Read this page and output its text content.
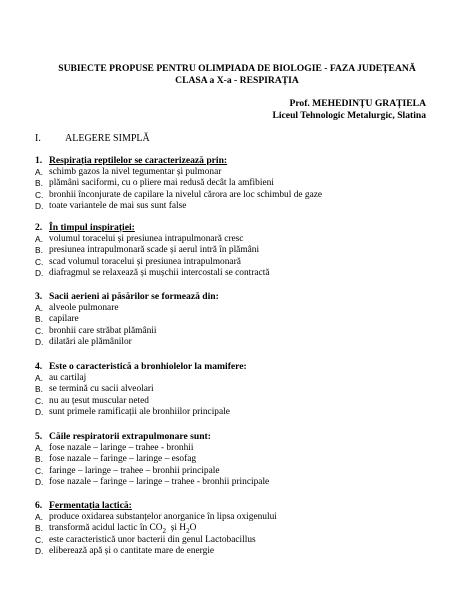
SUBIECTE PROPUSE PENTRU OLIMPIADA DE BIOLOGIE - FAZA JUDEȚEANĂ
CLASA a X-a - RESPIRAȚIA
Prof. MEHEDINȚU GRAȚIELA
Liceul Tehnologic Metalurgic, Slatina
I. ALEGERE SIMPLĂ
1. Respirația reptilelor se caracterizează prin:
A. schimb gazos la nivel tegumentar și pulmonar
B. plămâni saciformi, cu o pliere mai redusă decât la amfibieni
C. bronhii înconjurate de capilare la nivelul cărora are loc schimbul de gaze
D. toate variantele de mai sus sunt false
2. În timpul inspirației:
A. volumul toracelui și presiunea intrapulmonară cresc
B. presiunea intrapulmonară scade și aerul intră în plămâni
C. scad volumul toracelui și presiunea intrapulmonară
D. diafragmul se relaxează și mușchii intercostali se contractă
3. Sacii aerieni ai păsărilor se formează din:
A. alveole pulmonare
B. capilare
C. bronhii care străbat plămânii
D. dilatări ale plămânilor
4. Este o caracteristică a bronhiolelor la mamifere:
A. au cartilaj
B. se termină cu sacii alveolari
C. nu au țesut muscular neted
D. sunt primele ramificații ale bronhiilor principale
5. Căile respiratorii extrapulmonare sunt:
A. fose nazale – laringe – trahee - bronhii
B. fose nazale – faringe – laringe – esofag
C. faringe – laringe – trahee – bronhii principale
D. fose nazale – faringe – laringe – trahee - bronhii principale
6. Fermentația lactică:
A. produce oxidarea substanțelor anorganice în lipsa oxigenului
B. transformă acidul lactic în $CO_2$  și $H_2O$
C. este caracteristică unor bacterii din genul Lactobacillus
D. eliberează apă și o cantitate mare de energie
